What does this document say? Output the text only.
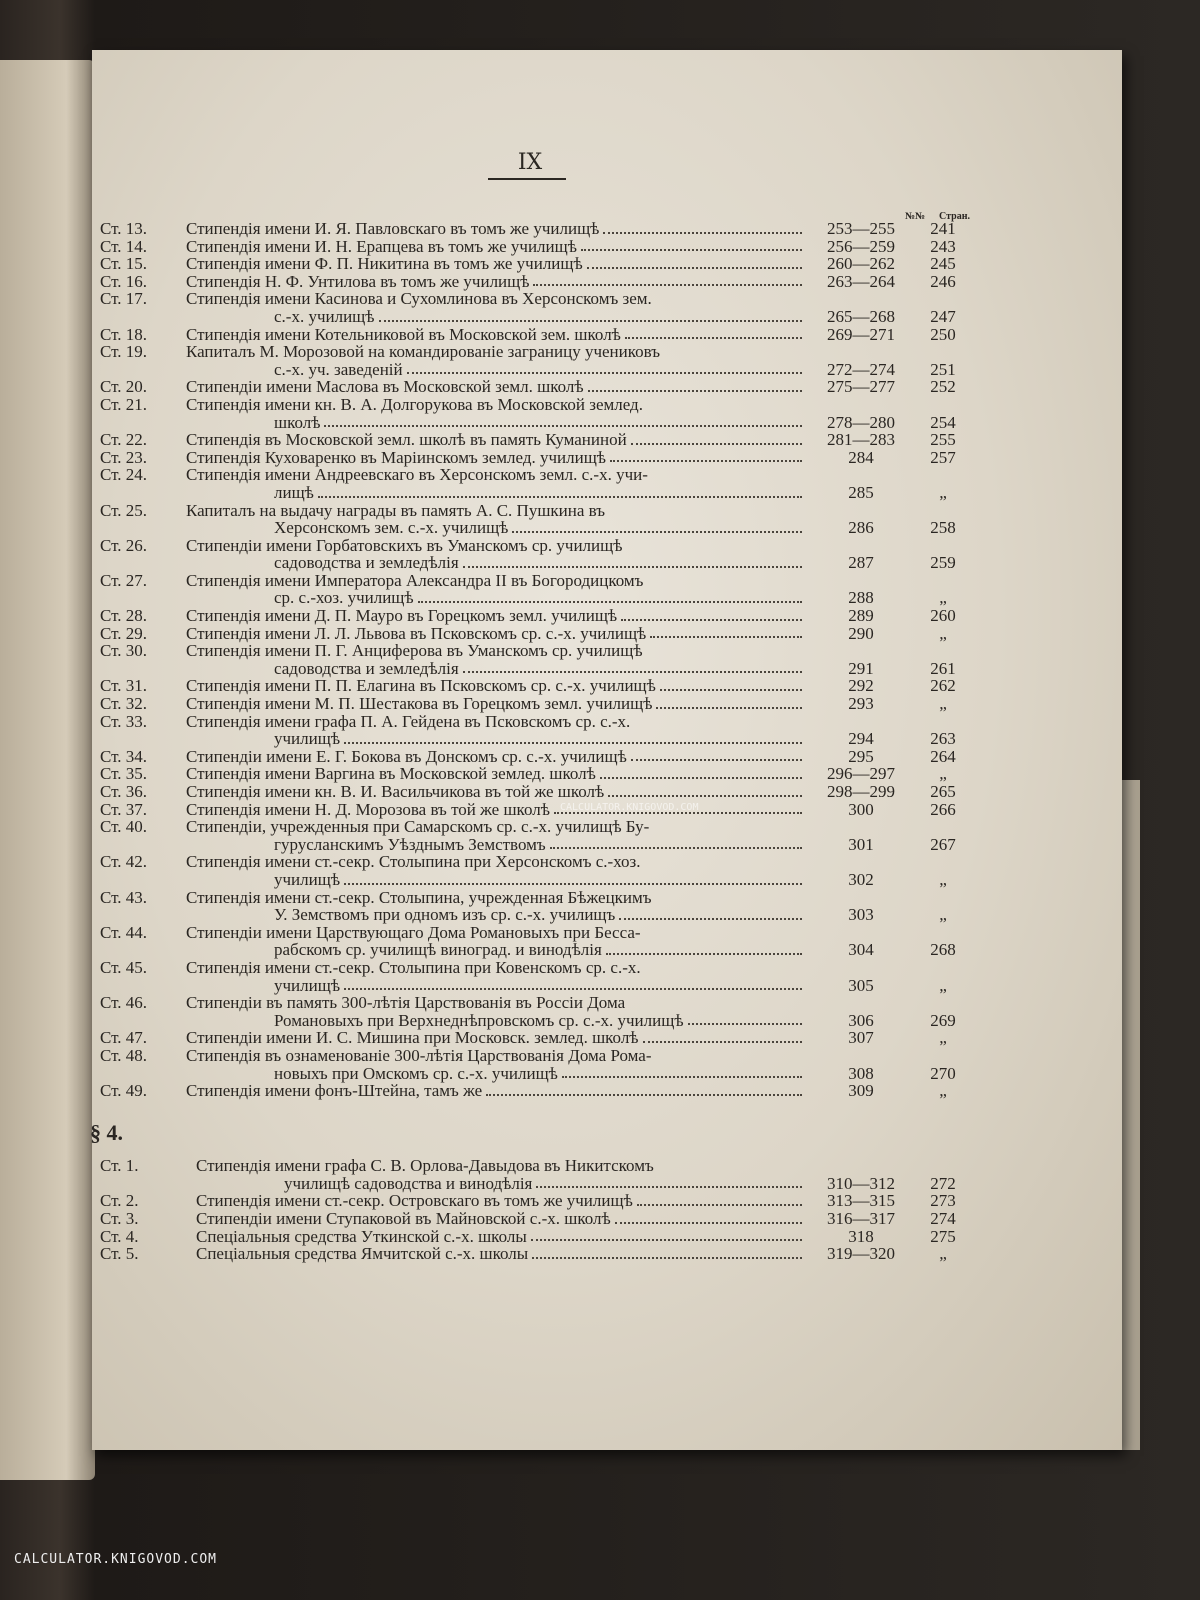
IX
№№ Стран.
Ст. 13.	Стипендія имени И. Я. Павловскаго въ томъ же училищѣ	253—255	241
Ст. 14.	Стипендія имени И. Н. Ерапцева въ томъ же училищѣ	256—259	243
Ст. 15.	Стипендія имени Ф. П. Никитина въ томъ же училищѣ	260—262	245
Ст. 16.	Стипендія Н. Ф. Унтилова въ томъ же училищѣ	263—264	246
Ст. 17.	Стипендія имени Касинова и Сухомлинова въ Херсонскомъ зем.
с.-х. училищѣ	265—268	247
Ст. 18.	Стипендія имени Котельниковой въ Московской зем. школѣ	269—271	250
Ст. 19.	Капиталъ М. Морозовой на командированіе заграницу учениковъ
с.-х. уч. заведеній	272—274	251
Ст. 20.	Стипендіи имени Маслова въ Московской земл. школѣ	275—277	252
Ст. 21.	Стипендія имени кн. В. А. Долгорукова въ Московской землед.
школѣ	278—280	254
Ст. 22.	Стипендія въ Московской земл. школѣ въ память Куманиной	281—283	255
Ст. 23.	Стипендія Куховаренко въ Маріинскомъ землед. училищѣ	284	257
Ст. 24.	Стипендія имени Андреевскаго въ Херсонскомъ земл. с.-х. учи-
лищѣ	285	„
Ст. 25.	Капиталъ на выдачу награды въ память А. С. Пушкина въ
Херсонскомъ зем. с.-х. училищѣ	286	258
Ст. 26.	Стипендіи имени Горбатовскихъ въ Уманскомъ ср. училищѣ
садоводства и земледѣлія	287	259
Ст. 27.	Стипендія имени Императора Александра II въ Богородицкомъ
ср. с.-хоз. училищѣ	288	„
Ст. 28.	Стипендія имени Д. П. Мауро въ Горецкомъ земл. училищѣ	289	260
Ст. 29.	Стипендія имени Л. Л. Львова въ Псковскомъ ср. с.-х. училищѣ	290	„
Ст. 30.	Стипендія имени П. Г. Анциферова въ Уманскомъ ср. училищѣ
садоводства и земледѣлія	291	261
Ст. 31.	Стипендія имени П. П. Елагина въ Псковскомъ ср. с.-х. училищѣ	292	262
Ст. 32.	Стипендія имени М. П. Шестакова въ Горецкомъ земл. училищѣ	293	„
Ст. 33.	Стипендія имени графа П. А. Гейдена въ Псковскомъ ср. с.-х.
училищѣ	294	263
Ст. 34.	Стипендіи имени Е. Г. Бокова въ Донскомъ ср. с.-х. училищѣ	295	264
Ст. 35.	Стипендія имени Варгина въ Московской землед. школѣ	296—297	„
Ст. 36.	Стипендія имени кн. В. И. Васильчикова въ той же школѣ	298—299	265
Ст. 37.	Стипендія имени Н. Д. Морозова въ той же школѣ	300	266
Ст. 40.	Стипендіи, учрежденныя при Самарскомъ ср. с.-х. училищѣ Бу-
гурусланскимъ Уѣзднымъ Земствомъ	301	267
Ст. 42.	Стипендія имени ст.-секр. Столыпина при Херсонскомъ с.-хоз.
училищѣ	302	„
Ст. 43.	Стипендія имени ст.-секр. Столыпина, учрежденная Бѣжецкимъ
У. Земствомъ при одномъ изъ ср. с.-х. училищъ	303	„
Ст. 44.	Стипендіи имени Царствующаго Дома Романовыхъ при Бесса-
рабскомъ ср. училищѣ виноград. и винодѣлія	304	268
Ст. 45.	Стипендія имени ст.-секр. Столыпина при Ковенскомъ ср. с.-х.
училищѣ	305	„
Ст. 46.	Стипендіи въ память 300-лѣтія Царствованія въ Россіи Дома
Романовыхъ при Верхнеднѣпровскомъ ср. с.-х. училищѣ	306	269
Ст. 47.	Стипендіи имени И. С. Мишина при Московск. землед. школѣ	307	„
Ст. 48.	Стипендія въ ознаменованіе 300-лѣтія Царствованія Дома Рома-
новыхъ при Омскомъ ср. с.-х. училищѣ	308	270
Ст. 49.	Стипендія имени фонъ-Штейна, тамъ же	309	„
§ 4.
Ст. 1.	Стипендія имени графа С. В. Орлова-Давыдова въ Никитскомъ
училищѣ садоводства и винодѣлія	310—312	272
Ст. 2.	Стипендія имени ст.-секр. Островскаго въ томъ же училищѣ	313—315	273
Ст. 3.	Стипендіи имени Ступаковой въ Майновской с.-х. школѣ	316—317	274
Ст. 4.	Спеціальныя средства Уткинской с.-х. школы	318	275
Ст. 5.	Спеціальныя средства Ямчитской с.-х. школы	319—320	„
CALCULATOR.KNIGOVOD.COM
CALCULATOR.KNIGOVOD.COM
